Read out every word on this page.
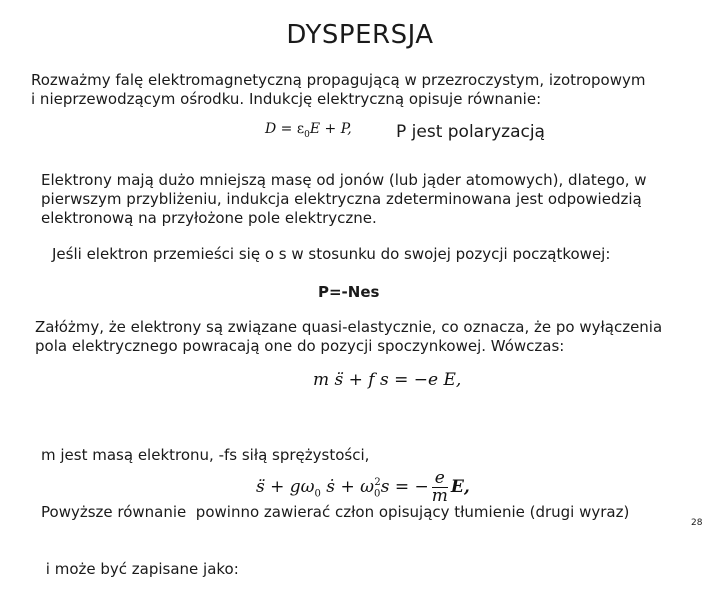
DYSPERSJA
Rozważmy falę elektromagnetyczną propagującą w przezroczystym, izotropowym
i nieprzewodzącym ośrodku. Indukcję elektryczną opisuje równanie:
$D = \varepsilon_0E + P$,	P jest polaryzacją
Elektrony mają dużo mniejszą masę od jonów (lub jąder atomowych), dlatego, w
pierwszym przybliżeniu, indukcja elektryczna zdeterminowana jest odpowiedzią
elektronową na przyłożone pole elektryczne.
Jeśli elektron przemieści się o s w stosunku do swojej pozycji początkowej:
P=-Nes
Załóżmy, że elektrony są związane quasi-elastycznie, co oznacza, że po wyłączenia
pola elektrycznego powracają one do pozycji spoczynkowej. Wówczas:
m s̈ + f s = −e E,

m jest masą elektronu, -fs siłą sprężystości,

Powyższe równanie  powinno zawierać człon opisujący tłumienie (drugi wyraz)

i może być zapisane jako:

s̈ + $g\omega_0$ ṡ + $\omega_0^2s$ = − $\frac{e}{m} E$,
28
